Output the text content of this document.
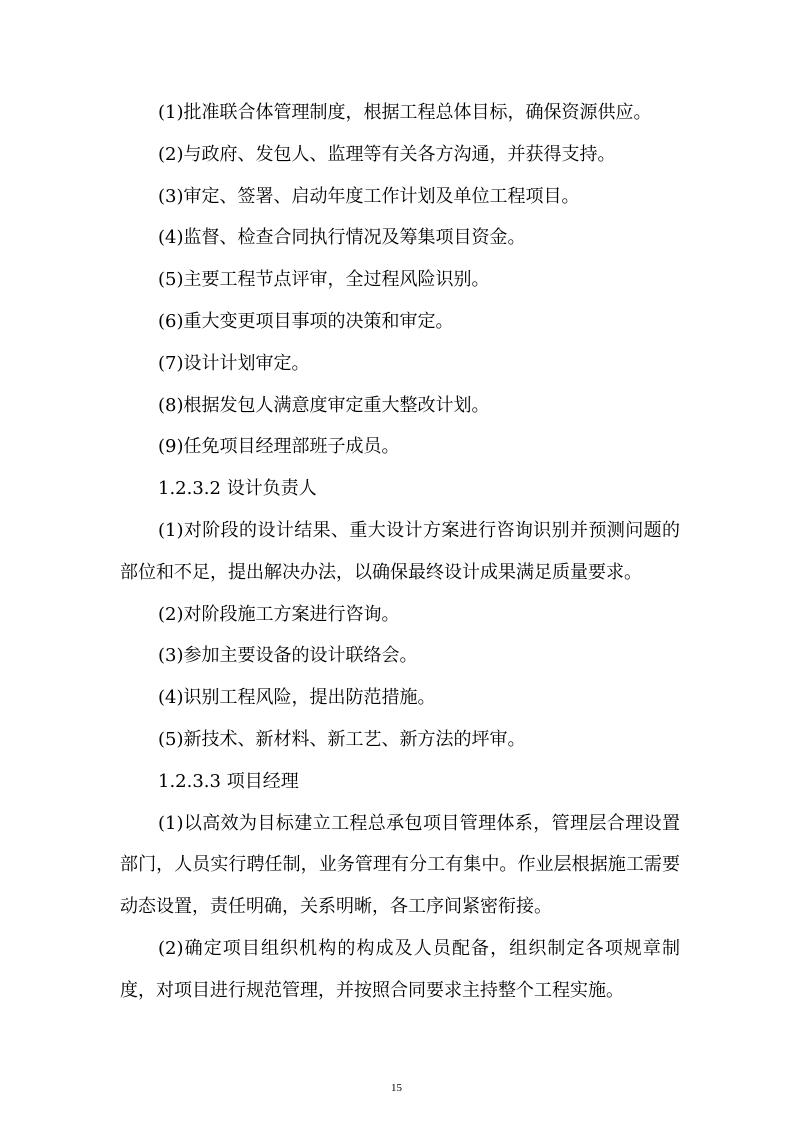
(1)批准联合体管理制度，根据工程总体目标，确保资源供应。

(2)与政府、发包人、监理等有关各方沟通，并获得支持。

(3)审定、签署、启动年度工作计划及单位工程项目。

(4)监督、检查合同执行情况及筹集项目资金。

(5)主要工程节点评审，全过程风险识别。

(6)重大变更项目事项的决策和审定。

(7)设计计划审定。

(8)根据发包人满意度审定重大整改计划。

(9)任免项目经理部班子成员。

1.2.3.2 设计负责人

(1)对阶段的设计结果、重大设计方案进行咨询识别并预测问题的部位和不足，提出解决办法，以确保最终设计成果满足质量要求。

(2)对阶段施工方案进行咨询。

(3)参加主要设备的设计联络会。

(4)识别工程风险，提出防范措施。

(5)新技术、新材料、新工艺、新方法的坪审。

1.2.3.3 项目经理

(1)以高效为目标建立工程总承包项目管理体系，管理层合理设置部门，人员实行聘任制，业务管理有分工有集中。作业层根据施工需要动态设置，责任明确，关系明晰，各工序间紧密衔接。

(2)确定项目组织机构的构成及人员配备，组织制定各项规章制度，对项目进行规范管理，并按照合同要求主持整个工程实施。

15
